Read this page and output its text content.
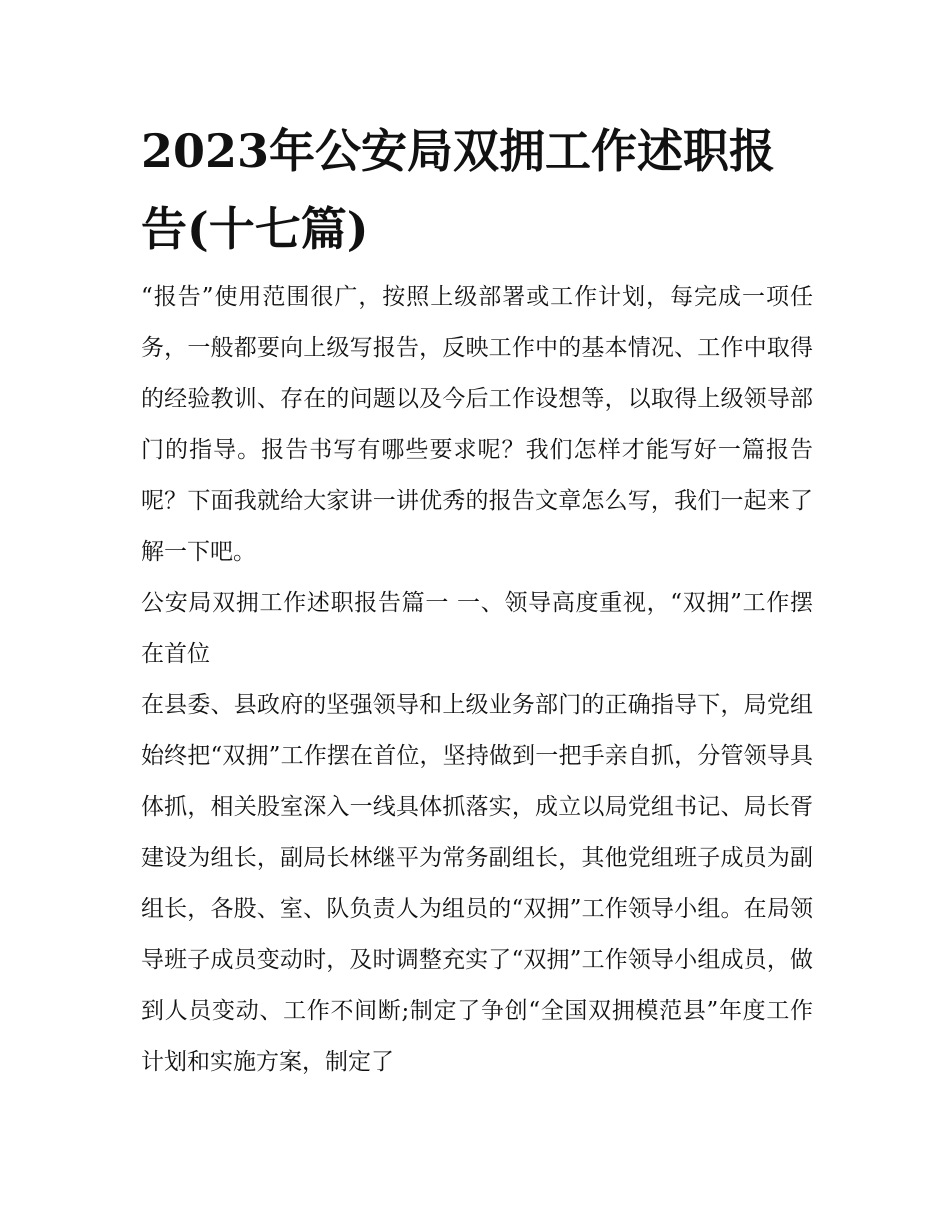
2023年公安局双拥工作述职报告(十七篇)

“报告”使用范围很广，按照上级部署或工作计划，每完成一项任务，一般都要向上级写报告，反映工作中的基本情况、工作中取得的经验教训、存在的问题以及今后工作设想等，以取得上级领导部门的指导。报告书写有哪些要求呢？我们怎样才能写好一篇报告呢？下面我就给大家讲一讲优秀的报告文章怎么写，我们一起来了解一下吧。

公安局双拥工作述职报告篇一 一、领导高度重视，“双拥”工作摆在首位

在县委、县政府的坚强领导和上级业务部门的正确指导下，局党组始终把“双拥”工作摆在首位，坚持做到一把手亲自抓，分管领导具体抓，相关股室深入一线具体抓落实，成立以局党组书记、局长胥建设为组长，副局长林继平为常务副组长，其他党组班子成员为副组长，各股、室、队负责人为组员的“双拥”工作领导小组。在局领导班子成员变动时，及时调整充实了“双拥”工作领导小组成员，做到人员变动、工作不间断;制定了争创“全国双拥模范县”年度工作计划和实施方案，制定了
